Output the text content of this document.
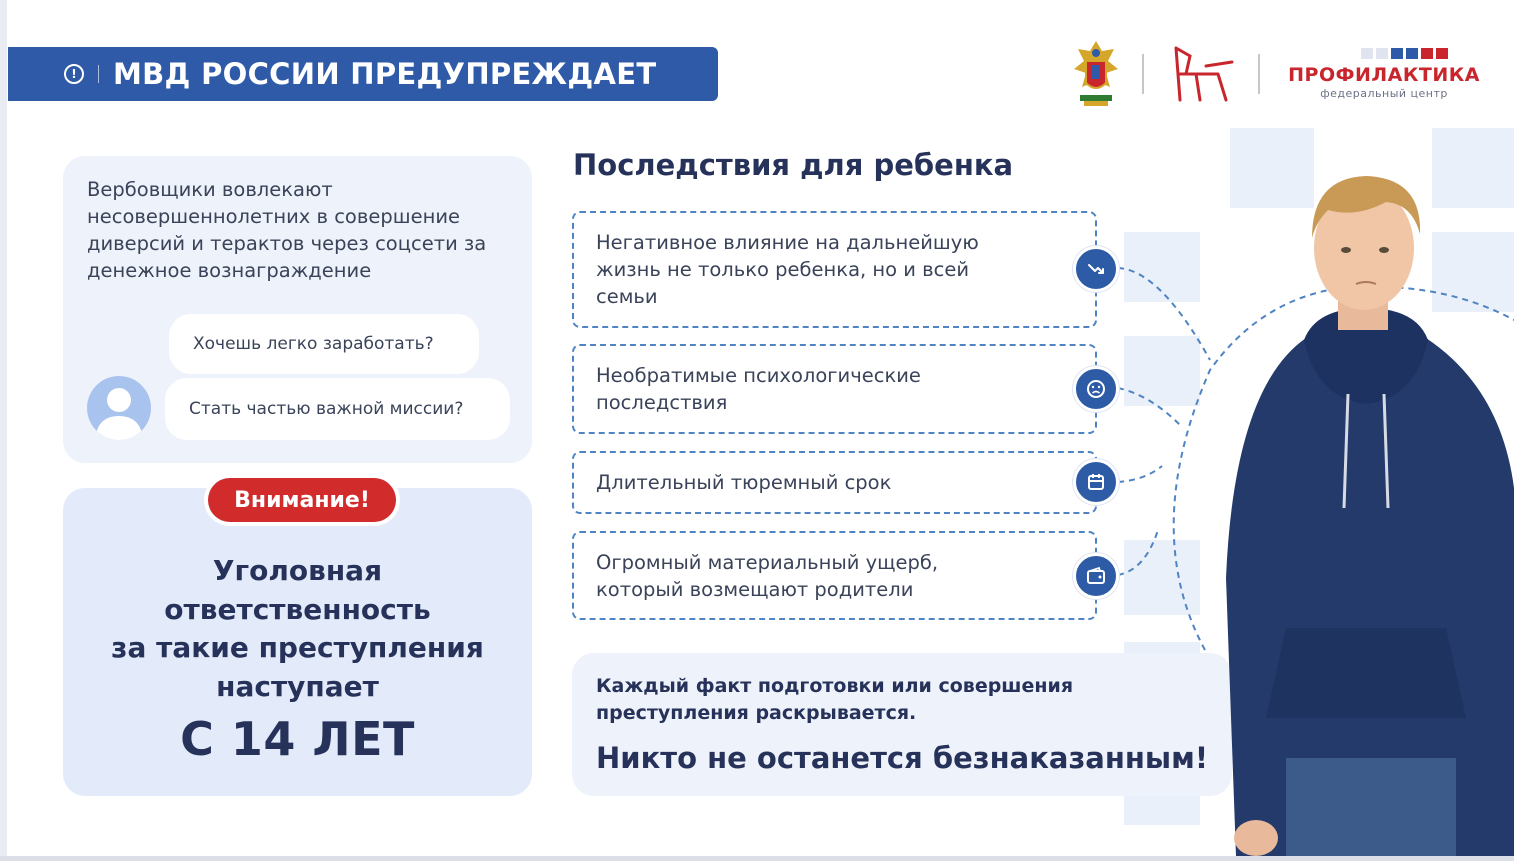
! МВД РОССИИ ПРЕДУПРЕЖДАЕТ	ПРОФИЛАКТИКА
федеральный центр
Вербовщики вовлекают несовершеннолетних в совершение диверсий и терактов через соцсети за денежное вознаграждение
Хочешь легко заработать?
Стать частью важной миссии?
Внимание!
Уголовная
ответственность
за такие преступления
наступает
С 14 ЛЕТ
Последствия для ребенка
Негативное влияние на дальнейшую жизнь не только ребенка, но и всей семьи
Необратимые психологические последствия
Длительный тюремный срок
Огромный материальный ущерб, который возмещают родители
Каждый факт подготовки или совершения преступления раскрывается.
Никто не останется безнаказанным!
